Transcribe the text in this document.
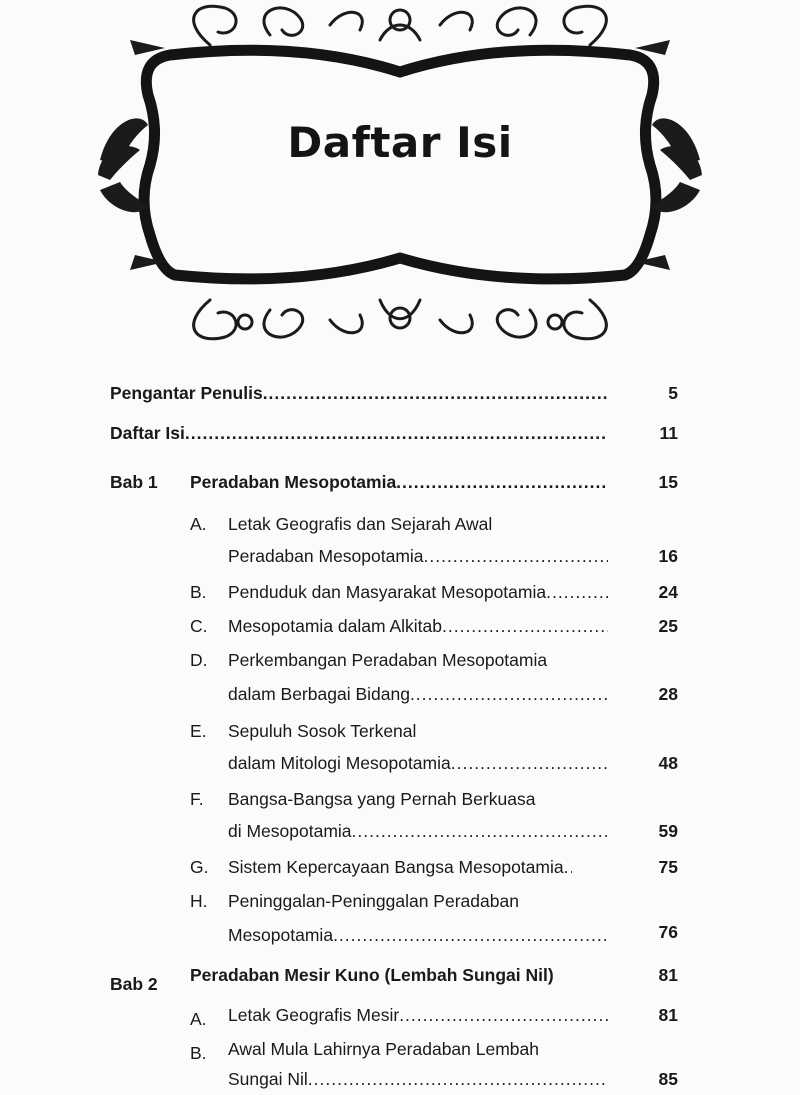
Daftar Isi
Pengantar Penulis .....	5
Daftar Isi .....	11
Bab 1 Peradaban Mesopotamia .....	15
A. Letak Geografis dan Sejarah Awal
Peradaban Mesopotamia .....	16
B. Penduduk dan Masyarakat Mesopotamia .....	24
C. Mesopotamia dalam Alkitab .....	25
D. Perkembangan Peradaban Mesopotamia
dalam Berbagai Bidang .....	28
E. Sepuluh Sosok Terkenal
dalam Mitologi Mesopotamia .....	48
F. Bangsa-Bangsa yang Pernah Berkuasa
di Mesopotamia .....	59
G. Sistem Kepercayaan Bangsa Mesopotamia .....	75
H. Peninggalan-Peninggalan Peradaban
Mesopotamia .....	76
Bab 2 Peradaban Mesir Kuno (Lembah Sungai Nil)	81
A. Letak Geografis Mesir .....	81
B. Awal Mula Lahirnya Peradaban Lembah
Sungai Nil .....	85
